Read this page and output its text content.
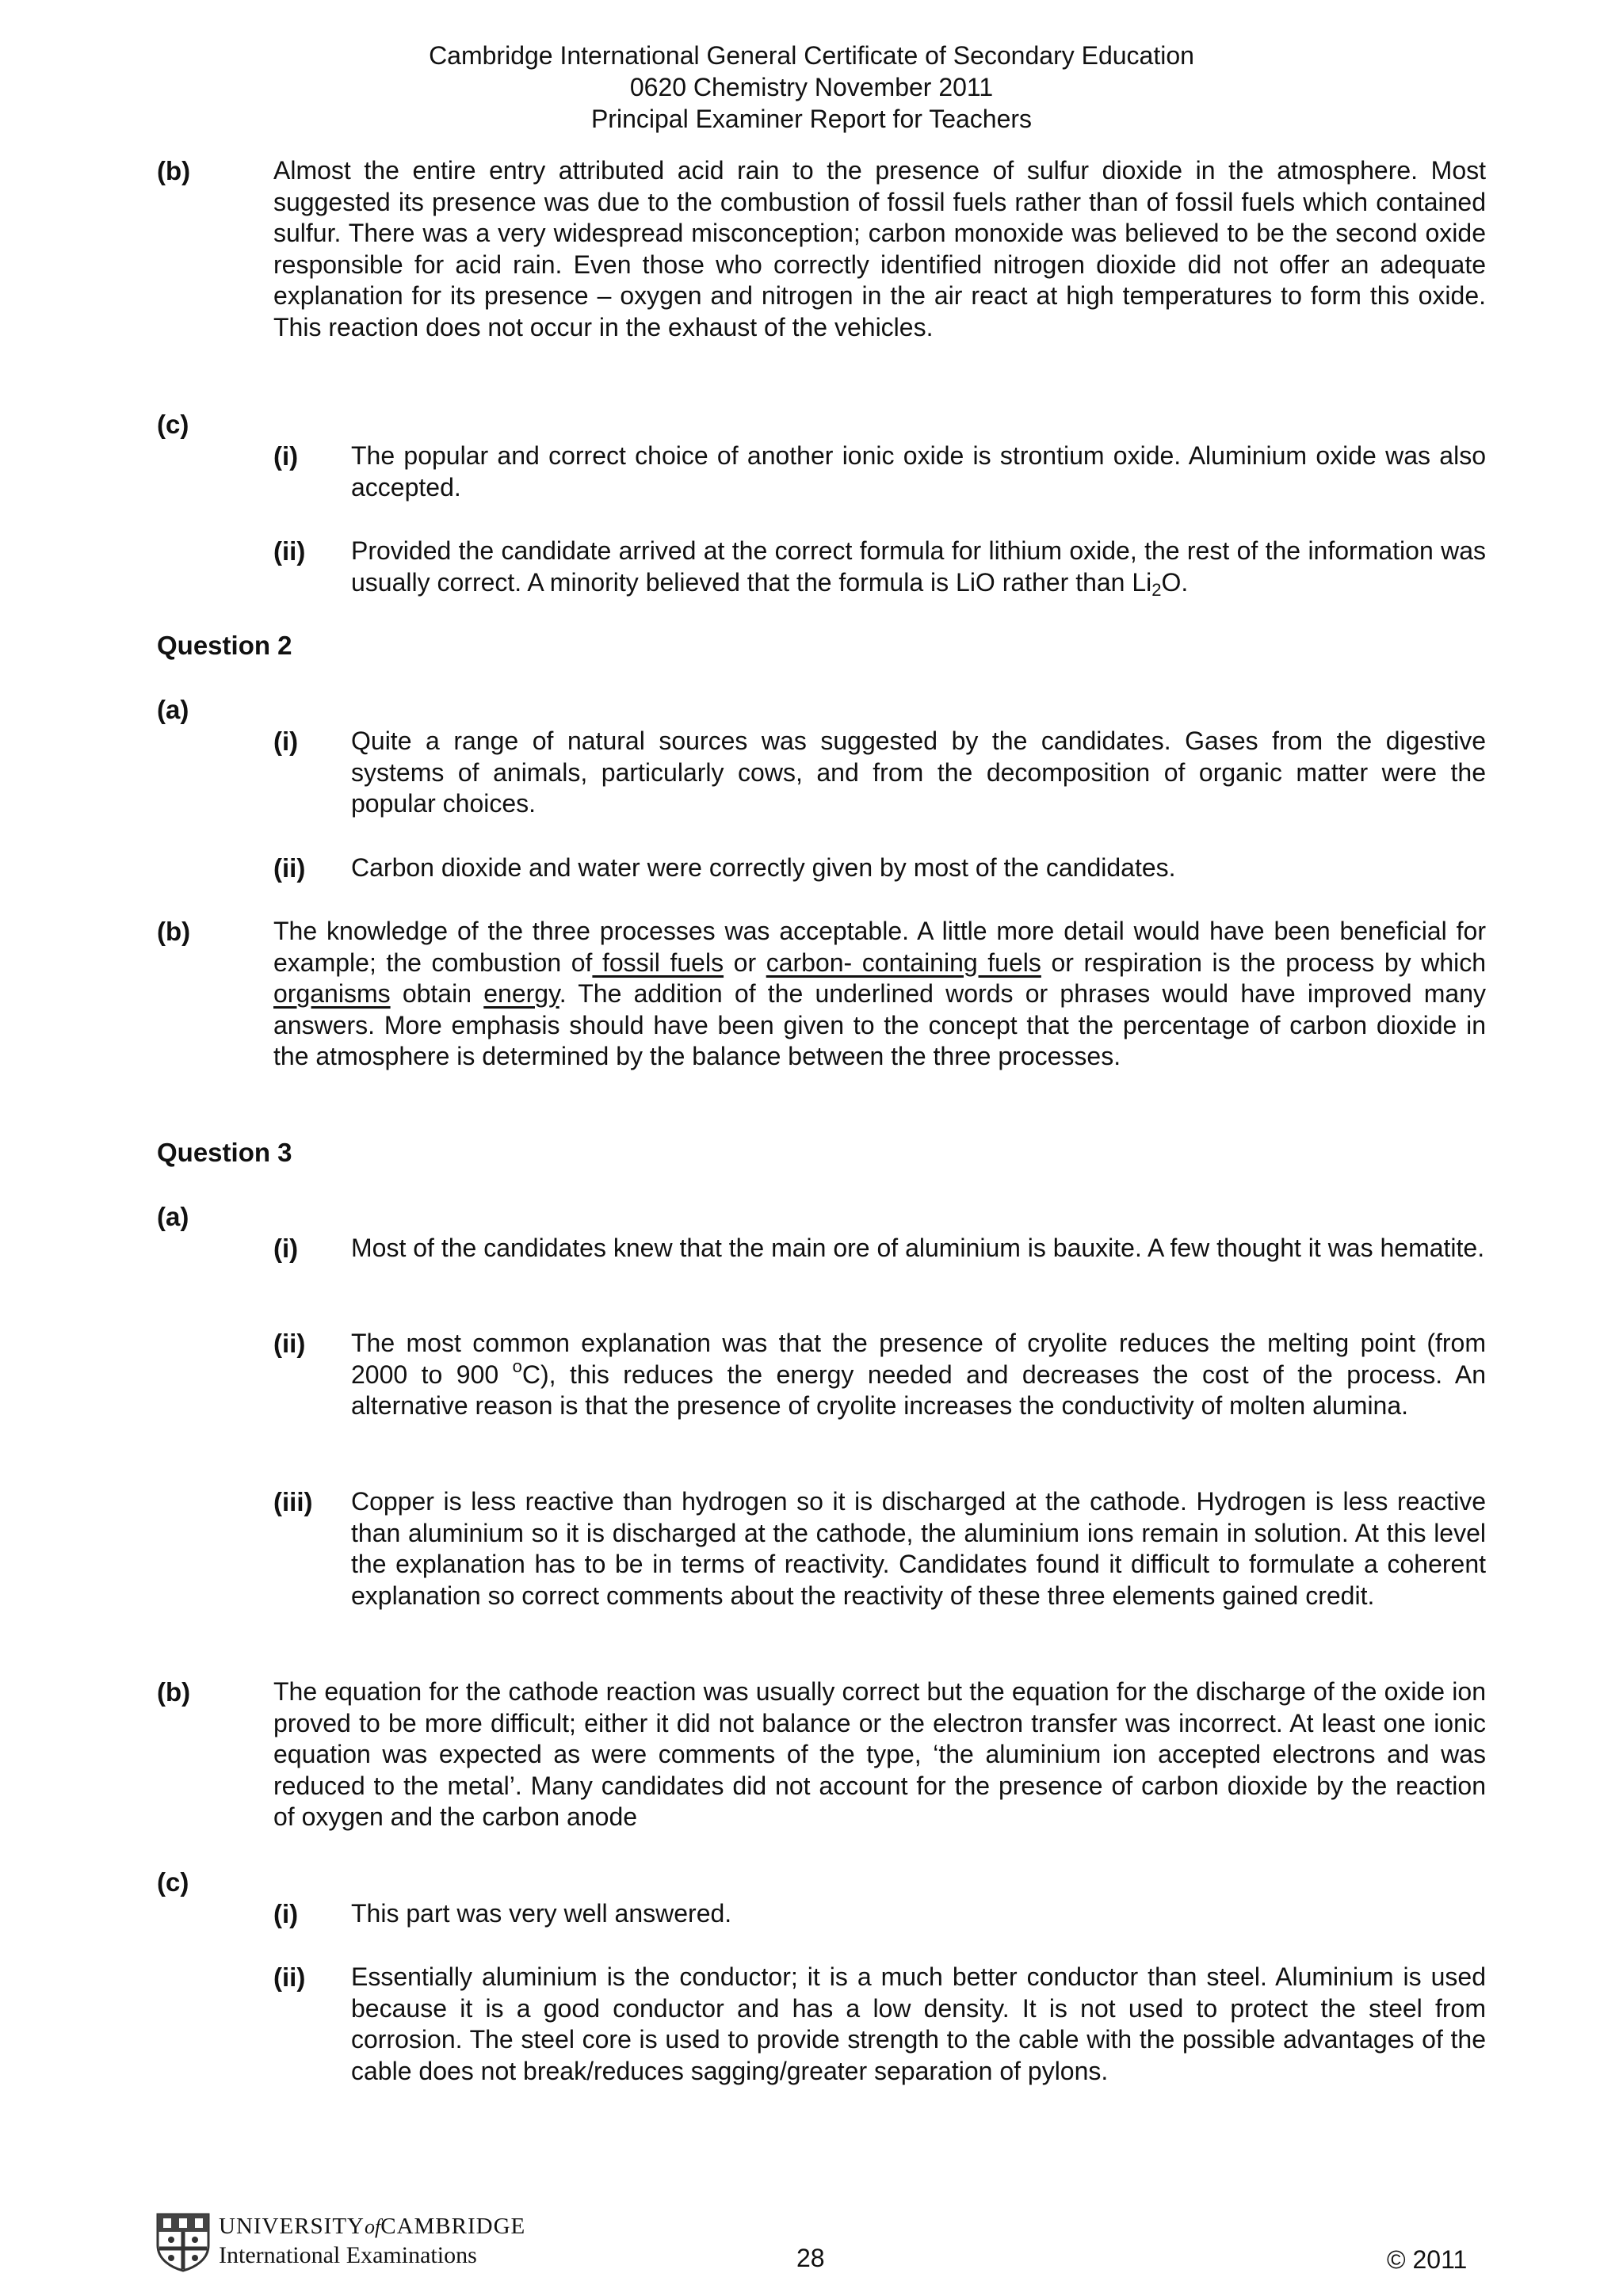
Cambridge International General Certificate of Secondary Education
0620 Chemistry November 2011
Principal Examiner Report for Teachers
(b)	Almost the entire entry attributed acid rain to the presence of sulfur dioxide in the atmosphere. Most suggested its presence was due to the combustion of fossil fuels rather than of fossil fuels which contained sulfur. There was a very widespread misconception; carbon monoxide was believed to be the second oxide responsible for acid rain. Even those who correctly identified nitrogen dioxide did not offer an adequate explanation for its presence – oxygen and nitrogen in the air react at high temperatures to form this oxide. This reaction does not occur in the exhaust of the vehicles.
(c)
(i) The popular and correct choice of another ionic oxide is strontium oxide. Aluminium oxide was also accepted.
(ii) Provided the candidate arrived at the correct formula for lithium oxide, the rest of the information was usually correct. A minority believed that the formula is LiO rather than $Li_2O$.
Question 2
(a)
(i) Quite a range of natural sources was suggested by the candidates. Gases from the digestive systems of animals, particularly cows, and from the decomposition of organic matter were the popular choices.
(ii) Carbon dioxide and water were correctly given by most of the candidates.
(b)	The knowledge of the three processes was acceptable. A little more detail would have been beneficial for example; the combustion of fossil fuels or carbon- containing fuels or respiration is the process by which organisms obtain energy. The addition of the underlined words or phrases would have improved many answers. More emphasis should have been given to the concept that the percentage of carbon dioxide in the atmosphere is determined by the balance between the three processes.
Question 3
(a)
(i) Most of the candidates knew that the main ore of aluminium is bauxite. A few thought it was hematite.
(ii) The most common explanation was that the presence of cryolite reduces the melting point (from 2000 to 900 $^o$C), this reduces the energy needed and decreases the cost of the process. An alternative reason is that the presence of cryolite increases the conductivity of molten alumina.
(iii) Copper is less reactive than hydrogen so it is discharged at the cathode. Hydrogen is less reactive than aluminium so it is discharged at the cathode, the aluminium ions remain in solution. At this level the explanation has to be in terms of reactivity. Candidates found it difficult to formulate a coherent explanation so correct comments about the reactivity of these three elements gained credit.
(b)	The equation for the cathode reaction was usually correct but the equation for the discharge of the oxide ion proved to be more difficult; either it did not balance or the electron transfer was incorrect. At least one ionic equation was expected as were comments of the type, ‘the aluminium ion accepted electrons and was reduced to the metal’. Many candidates did not account for the presence of carbon dioxide by the reaction of oxygen and the carbon anode
(c)
(i) This part was very well answered.
(ii) Essentially aluminium is the conductor; it is a much better conductor than steel. Aluminium is used because it is a good conductor and has a low density. It is not used to protect the steel from corrosion. The steel core is used to provide strength to the cable with the possible advantages of the cable does not break/reduces sagging/greater separation of pylons.
UNIVERSITYofCAMBRIDGE
International Examinations	28	© 2011
